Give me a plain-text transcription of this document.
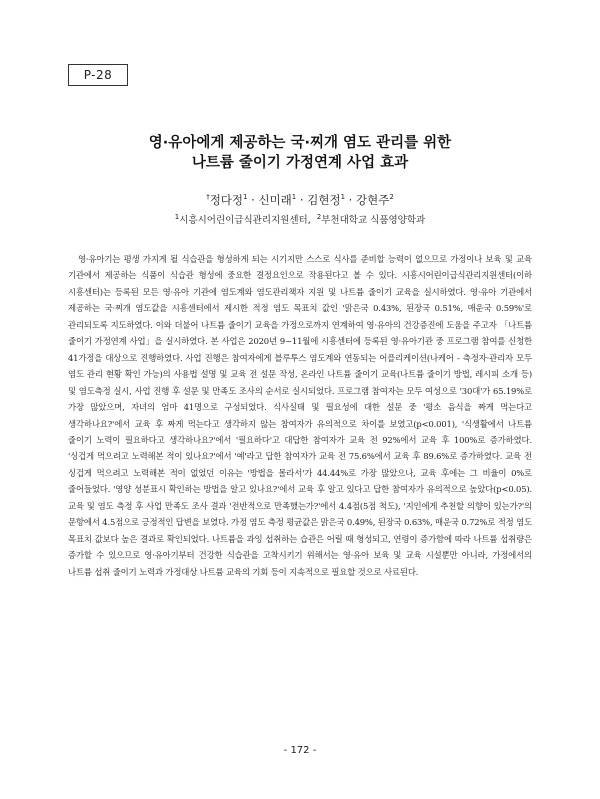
P-28
영·유아에게 제공하는 국·찌개 염도 관리를 위한
나트륨 줄이기 가정연계 사업 효과
†정다정$^1$ · 신미래$^1$ · 김현정$^1$ · 강현주$^2$
$^1$시흥시어린이급식관리지원센터, $^2$부천대학교 식품영양학과
영·유아기는 평생 가지게 될 식습관을 형성하게 되는 시기지만 스스로 식사를 준비할 능력이 없으므로 가정이나 보육 및 교육 기관에서 제공하는 식품이 식습관 형성에 중요한 결정요인으로 작용된다고 볼 수 있다. 시흥시어린이급식관리지원센터(이하 시흥센터)는 등록된 모든 영·유아 기관에 염도계와 염도관리책자 지원 및 나트륨 줄이기 교육을 실시하였다. 영·유아 기관에서 제공하는 국·찌개 염도값을 시흥센터에서 제시한 적정 염도 목표치 값인 '맑은국 0.43%, 된장국 0.51%, 매운국 0.59%'로 관리되도록 지도하였다. 이와 더불어 나트륨 줄이기 교육을 가정으로까지 연계하여 영·유아의 건강증진에 도움을 주고자 「나트륨 줄이기 가정연계 사업」을 실시하였다. 본 사업은 2020년 9~11월에 시흥센터에 등록된 영·유아기관 중 프로그램 참여를 신청한 41가정을 대상으로 진행하였다. 사업 진행은 참여자에게 블루투스 염도계와 연동되는 어플리케이션(나케어 - 측정자·관리자 모두 염도 관리 현황 확인 가능)의 사용법 설명 및 교육 전 설문 작성, 온라인 나트륨 줄이기 교육(나트륨 줄이기 방법, 레시피 소개 등) 및 염도측정 실시, 사업 진행 후 설문 및 만족도 조사의 순서로 실시되었다. 프로그램 참여자는 모두 여성으로 '30대'가 65.19%로 가장 많았으며, 자녀의 엄마 41명으로 구성되었다. 식사실태 및 필요성에 대한 설문 중 '평소 음식을 짜게 먹는다고 생각하나요?'에서 교육 후 짜게 먹는다고 생각하지 않는 참여자가 유의적으로 차이를 보였고(p<0.001), '식생활에서 나트륨 줄이기 노력이 필요하다고 생각하나요?'에서 '필요하다'고 대답한 참여자가 교육 전 92%에서 교육 후 100%로 증가하였다. '싱겁게 먹으려고 노력해본 적이 있나요?'에서 '예'라고 답한 참여자가 교육 전 75.6%에서 교육 후 89.6%로 증가하였다. 교육 전 싱겁게 먹으려고 노력해본 적이 없었던 이유는 '방법을 몰라서'가 44.44%로 가장 많았으나, 교육 후에는 그 비율이 0%로 줄어들었다. '영양 성분표시 확인하는 방법을 알고 있나요?'에서 교육 후 알고 있다고 답한 참여자가 유의적으로 높았다(p<0.05). 교육 및 염도 측정 후 사업 만족도 조사 결과 '전반적으로 만족했는가?'에서 4.4점(5점 척도), '지인에게 추천할 의향이 있는가?'의 문항에서 4.5점으로 긍정적인 답변을 보였다. 가정 염도 측정 평균값은 맑은국 0.49%, 된장국 0.63%, 매운국 0.72%로 적정 염도 목표치 값보다 높은 결과로 확인되었다. 나트륨을 과잉 섭취하는 습관은 어릴 때 형성되고, 연령이 증가함에 따라 나트륨 섭취량은 증가할 수 있으므로 영·유아기부터 건강한 식습관을 고착시키기 위해서는 영·유아 보육 및 교육 시설뿐만 아니라, 가정에서의 나트륨 섭취 줄이기 노력과 가정대상 나트륨 교육의 기회 등이 지속적으로 필요할 것으로 사료된다.
- 172 -
